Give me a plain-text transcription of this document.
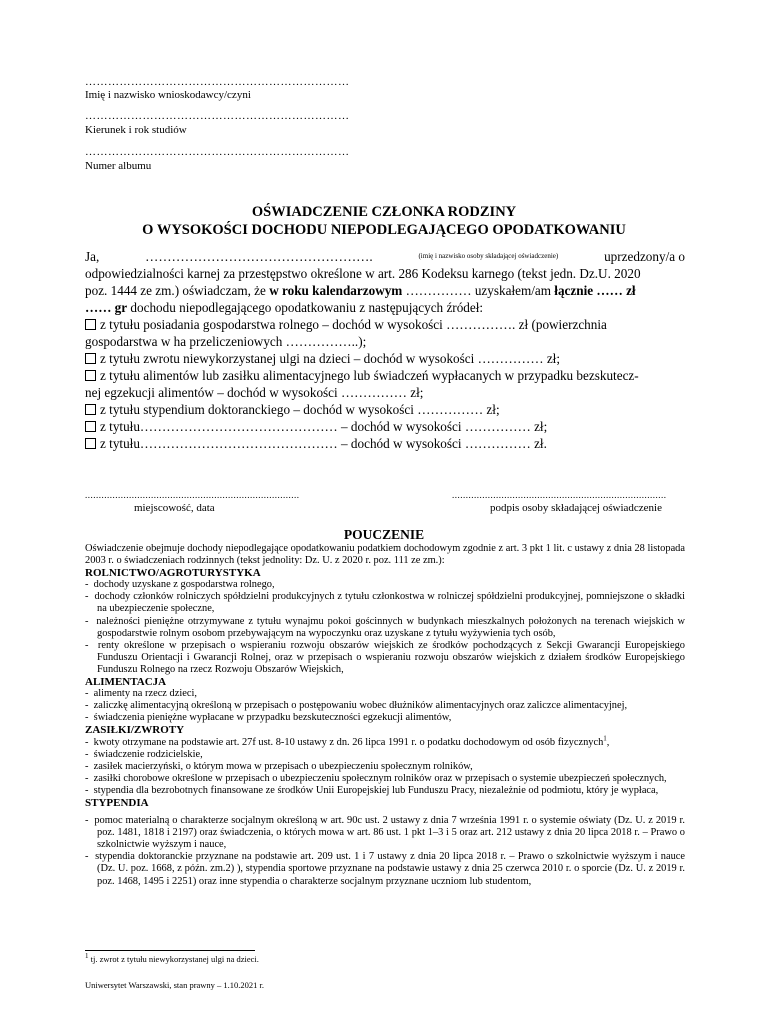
……………………………………………………………
Imię i nazwisko wnioskodawcy/czyni
……………………………………………………………
Kierunek i rok studiów
……………………………………………………………
Numer albumu
OŚWIADCZENIE CZŁONKA RODZINY
O WYSOKOŚCI DOCHODU NIEPODLEGAJĄCEGO OPODATKOWANIU
Ja,	…………………………………………….	(imię i nazwisko osoby składającej oświadczenie)	uprzedzony/a o
odpowiedzialności karnej za przestępstwo określone w art. 286 Kodeksu karnego (tekst jedn. Dz.U. 2020
poz. 1444 ze zm.) oświadczam, że w roku kalendarzowym …………… uzyskałem/am łącznie …… zł
…… gr dochodu niepodlegającego opodatkowaniu z następujących źródeł:
z tytułu posiadania gospodarstwa rolnego – dochód w wysokości ……………. zł (powierzchnia
gospodarstwa w ha przeliczeniowych ……………..);
z tytułu zwrotu niewykorzystanej ulgi na dzieci – dochód w wysokości …………… zł;
z tytułu alimentów lub zasiłku alimentacyjnego lub świadczeń wypłacanych w przypadku bezskutecz-
nej egzekucji alimentów – dochód w wysokości …………… zł;
z tytułu stypendium doktoranckiego – dochód w wysokości …………… zł;
z tytułu……………………………………… – dochód w wysokości …………… zł;
z tytułu……………………………………… – dochód w wysokości …………… zł.
..............................................................................
miejscowość, data
..............................................................................
podpis osoby składającej oświadczenie
POUCZENIE
Oświadczenie obejmuje dochody niepodlegające opodatkowaniu podatkiem dochodowym zgodnie z art. 3 pkt 1 lit. c ustawy z dnia 28 listopada 2003 r. o świadczeniach rodzinnych (tekst jednolity: Dz. U. z 2020 r. poz. 111 ze zm.):
ROLNICTWO/AGROTURYSTYKA
-  dochody uzyskane z gospodarstwa rolnego,
-  dochody członków rolniczych spółdzielni produkcyjnych z tytułu członkostwa w rolniczej spółdzielni produkcyjnej, pomniejszone o składki na ubezpieczenie społeczne,
-  należności pieniężne otrzymywane z tytułu wynajmu pokoi gościnnych w budynkach mieszkalnych położonych na terenach wiejskich w gospodarstwie rolnym osobom przebywającym na wypoczynku oraz uzyskane z tytułu wyżywienia tych osób,
-  renty określone w przepisach o wspieraniu rozwoju obszarów wiejskich ze środków pochodzących z Sekcji Gwarancji Europejskiego Funduszu Orientacji i Gwarancji Rolnej, oraz w przepisach o wspieraniu rozwoju obszarów wiejskich z działem środków Europejskiego Funduszu Rolnego na rzecz Rozwoju Obszarów Wiejskich,
ALIMENTACJA
-  alimenty na rzecz dzieci,
-  zaliczkę alimentacyjną określoną w przepisach o postępowaniu wobec dłużników alimentacyjnych oraz zaliczce alimentacyjnej,
-  świadczenia pieniężne wypłacane w przypadku bezskuteczności egzekucji alimentów,
ZASIŁKI/ZWROTY
-  kwoty otrzymane na podstawie art. 27f ust. 8-10 ustawy z dn. 26 lipca 1991 r. o podatku dochodowym od osób fizycznych$^1$,
-  świadczenie rodzicielskie,
-  zasiłek macierzyński, o którym mowa w przepisach o ubezpieczeniu społecznym rolników,
-  zasiłki chorobowe określone w przepisach o ubezpieczeniu społecznym rolników oraz w przepisach o systemie ubezpieczeń społecznych,
-  stypendia dla bezrobotnych finansowane ze środków Unii Europejskiej lub Funduszu Pracy, niezależnie od podmiotu, który je wypłaca,
STYPENDIA
-  pomoc materialną o charakterze socjalnym określoną w art. 90c ust. 2 ustawy z dnia 7 września 1991 r. o systemie oświaty (Dz. U. z 2019 r. poz. 1481, 1818 i 2197) oraz świadczenia, o których mowa w art. 86 ust. 1 pkt 1–3 i 5 oraz art. 212 ustawy z dnia 20 lipca 2018 r. – Prawo o szkolnictwie wyższym i nauce,
-  stypendia doktoranckie przyznane na podstawie art. 209 ust. 1 i 7 ustawy z dnia 20 lipca 2018 r. – Prawo o szkolnictwie wyższym i nauce (Dz. U. poz. 1668, z późn. zm.2) ), stypendia sportowe przyznane na podstawie ustawy z dnia 25 czerwca 2010 r. o sporcie (Dz. U. z 2019 r. poz. 1468, 1495 i 2251) oraz inne stypendia o charakterze socjalnym przyznane uczniom lub studentom,
$^1$ tj. zwrot z tytułu niewykorzystanej ulgi na dzieci.
Uniwersytet Warszawski, stan prawny – 1.10.2021 r.
